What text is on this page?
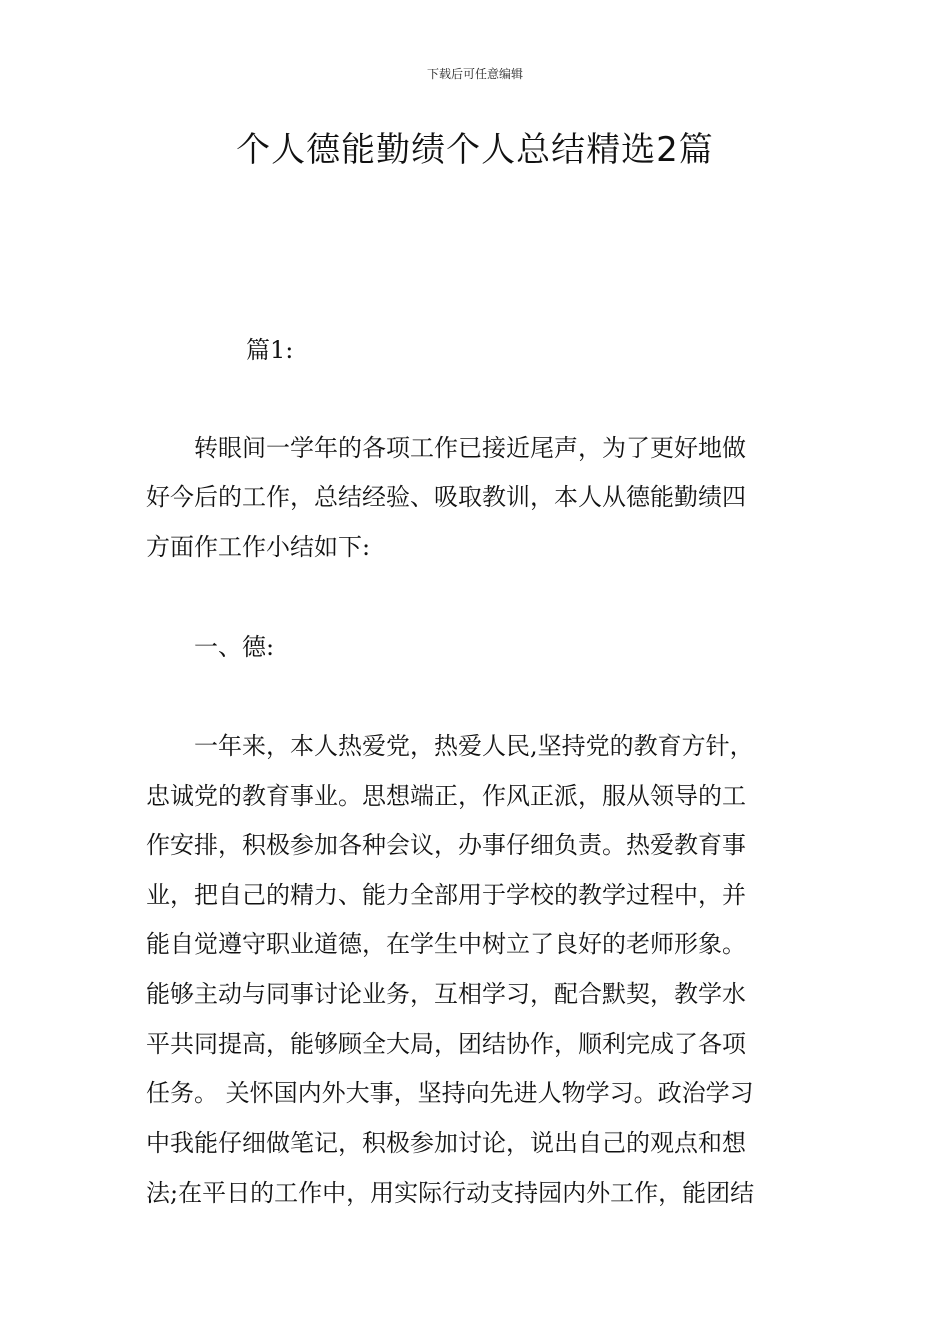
下载后可任意编辑
个人德能勤绩个人总结精选2篇
篇1:
转眼间一学年的各项工作已接近尾声，为了更好地做
好今后的工作，总结经验、吸取教训，本人从德能勤绩四
方面作工作小结如下:
一、德:
一年来，本人热爱党，热爱人民,坚持党的教育方针，
忠诚党的教育事业。思想端正，作风正派，服从领导的工
作安排，积极参加各种会议，办事仔细负责。热爱教育事
业，把自己的精力、能力全部用于学校的教学过程中，并
能自觉遵守职业道德，在学生中树立了良好的老师形象。
能够主动与同事讨论业务，互相学习，配合默契，教学水
平共同提高，能够顾全大局，团结协作，顺利完成了各项
任务。 关怀国内外大事，坚持向先进人物学习。政治学习
中我能仔细做笔记，积极参加讨论，说出自己的观点和想
法;在平日的工作中，用实际行动支持园内外工作，能团结
